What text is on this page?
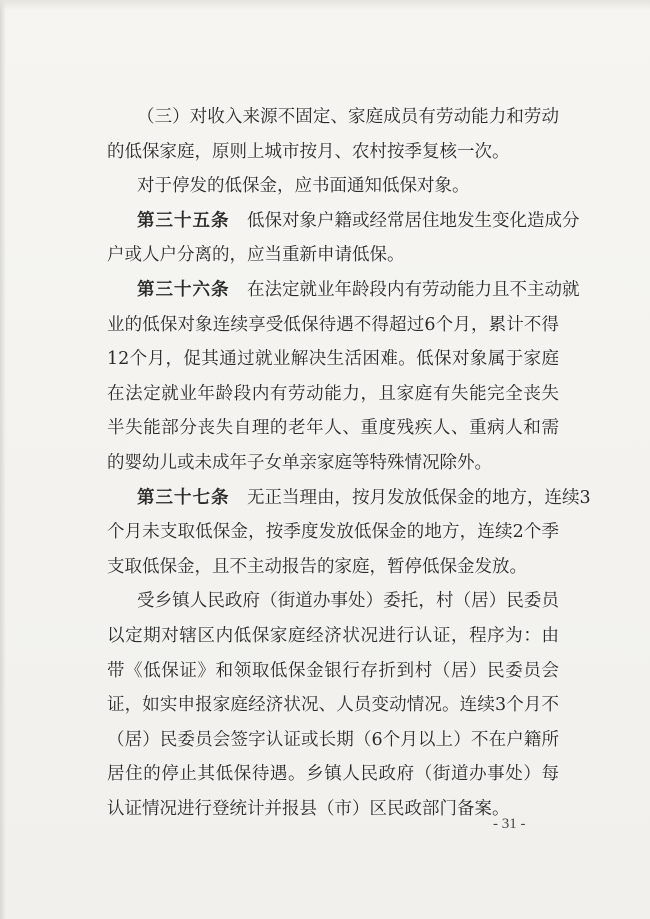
（三）对收入来源不固定、家庭成员有劳动能力和劳动
的低保家庭，原则上城市按月、农村按季复核一次。
对于停发的低保金，应书面通知低保对象。
第三十五条　 低保对象户籍或经常居住地发生变化造成分
户或人户分离的，应当重新申请低保。
第三十六条　 在法定就业年龄段内有劳动能力且不主动就
业的低保对象连续享受低保待遇不得超过6个月，累计不得
12个月，促其通过就业解决生活困难。低保对象属于家庭
在法定就业年龄段内有劳动能力，且家庭有失能完全丧失
半失能部分丧失自理的老年人、重度残疾人、重病人和需
的婴幼儿或未成年子女单亲家庭等特殊情况除外。
第三十七条　 无正当理由，按月发放低保金的地方，连续3
个月未支取低保金，按季度发放低保金的地方，连续2个季
支取低保金，且不主动报告的家庭，暂停低保金发放。
受乡镇人民政府（街道办事处）委托，村（居）民委员
以定期对辖区内低保家庭经济状况进行认证，程序为：由
带《低保证》和领取低保金银行存折到村（居）民委员会
证，如实申报家庭经济状况、人员变动情况。连续3个月不
（居）民委员会签字认证或长期（6个月以上）不在户籍所
居住的停止其低保待遇。乡镇人民政府（街道办事处）每
认证情况进行登统计并报县（市）区民政部门备案。
- 31 -
